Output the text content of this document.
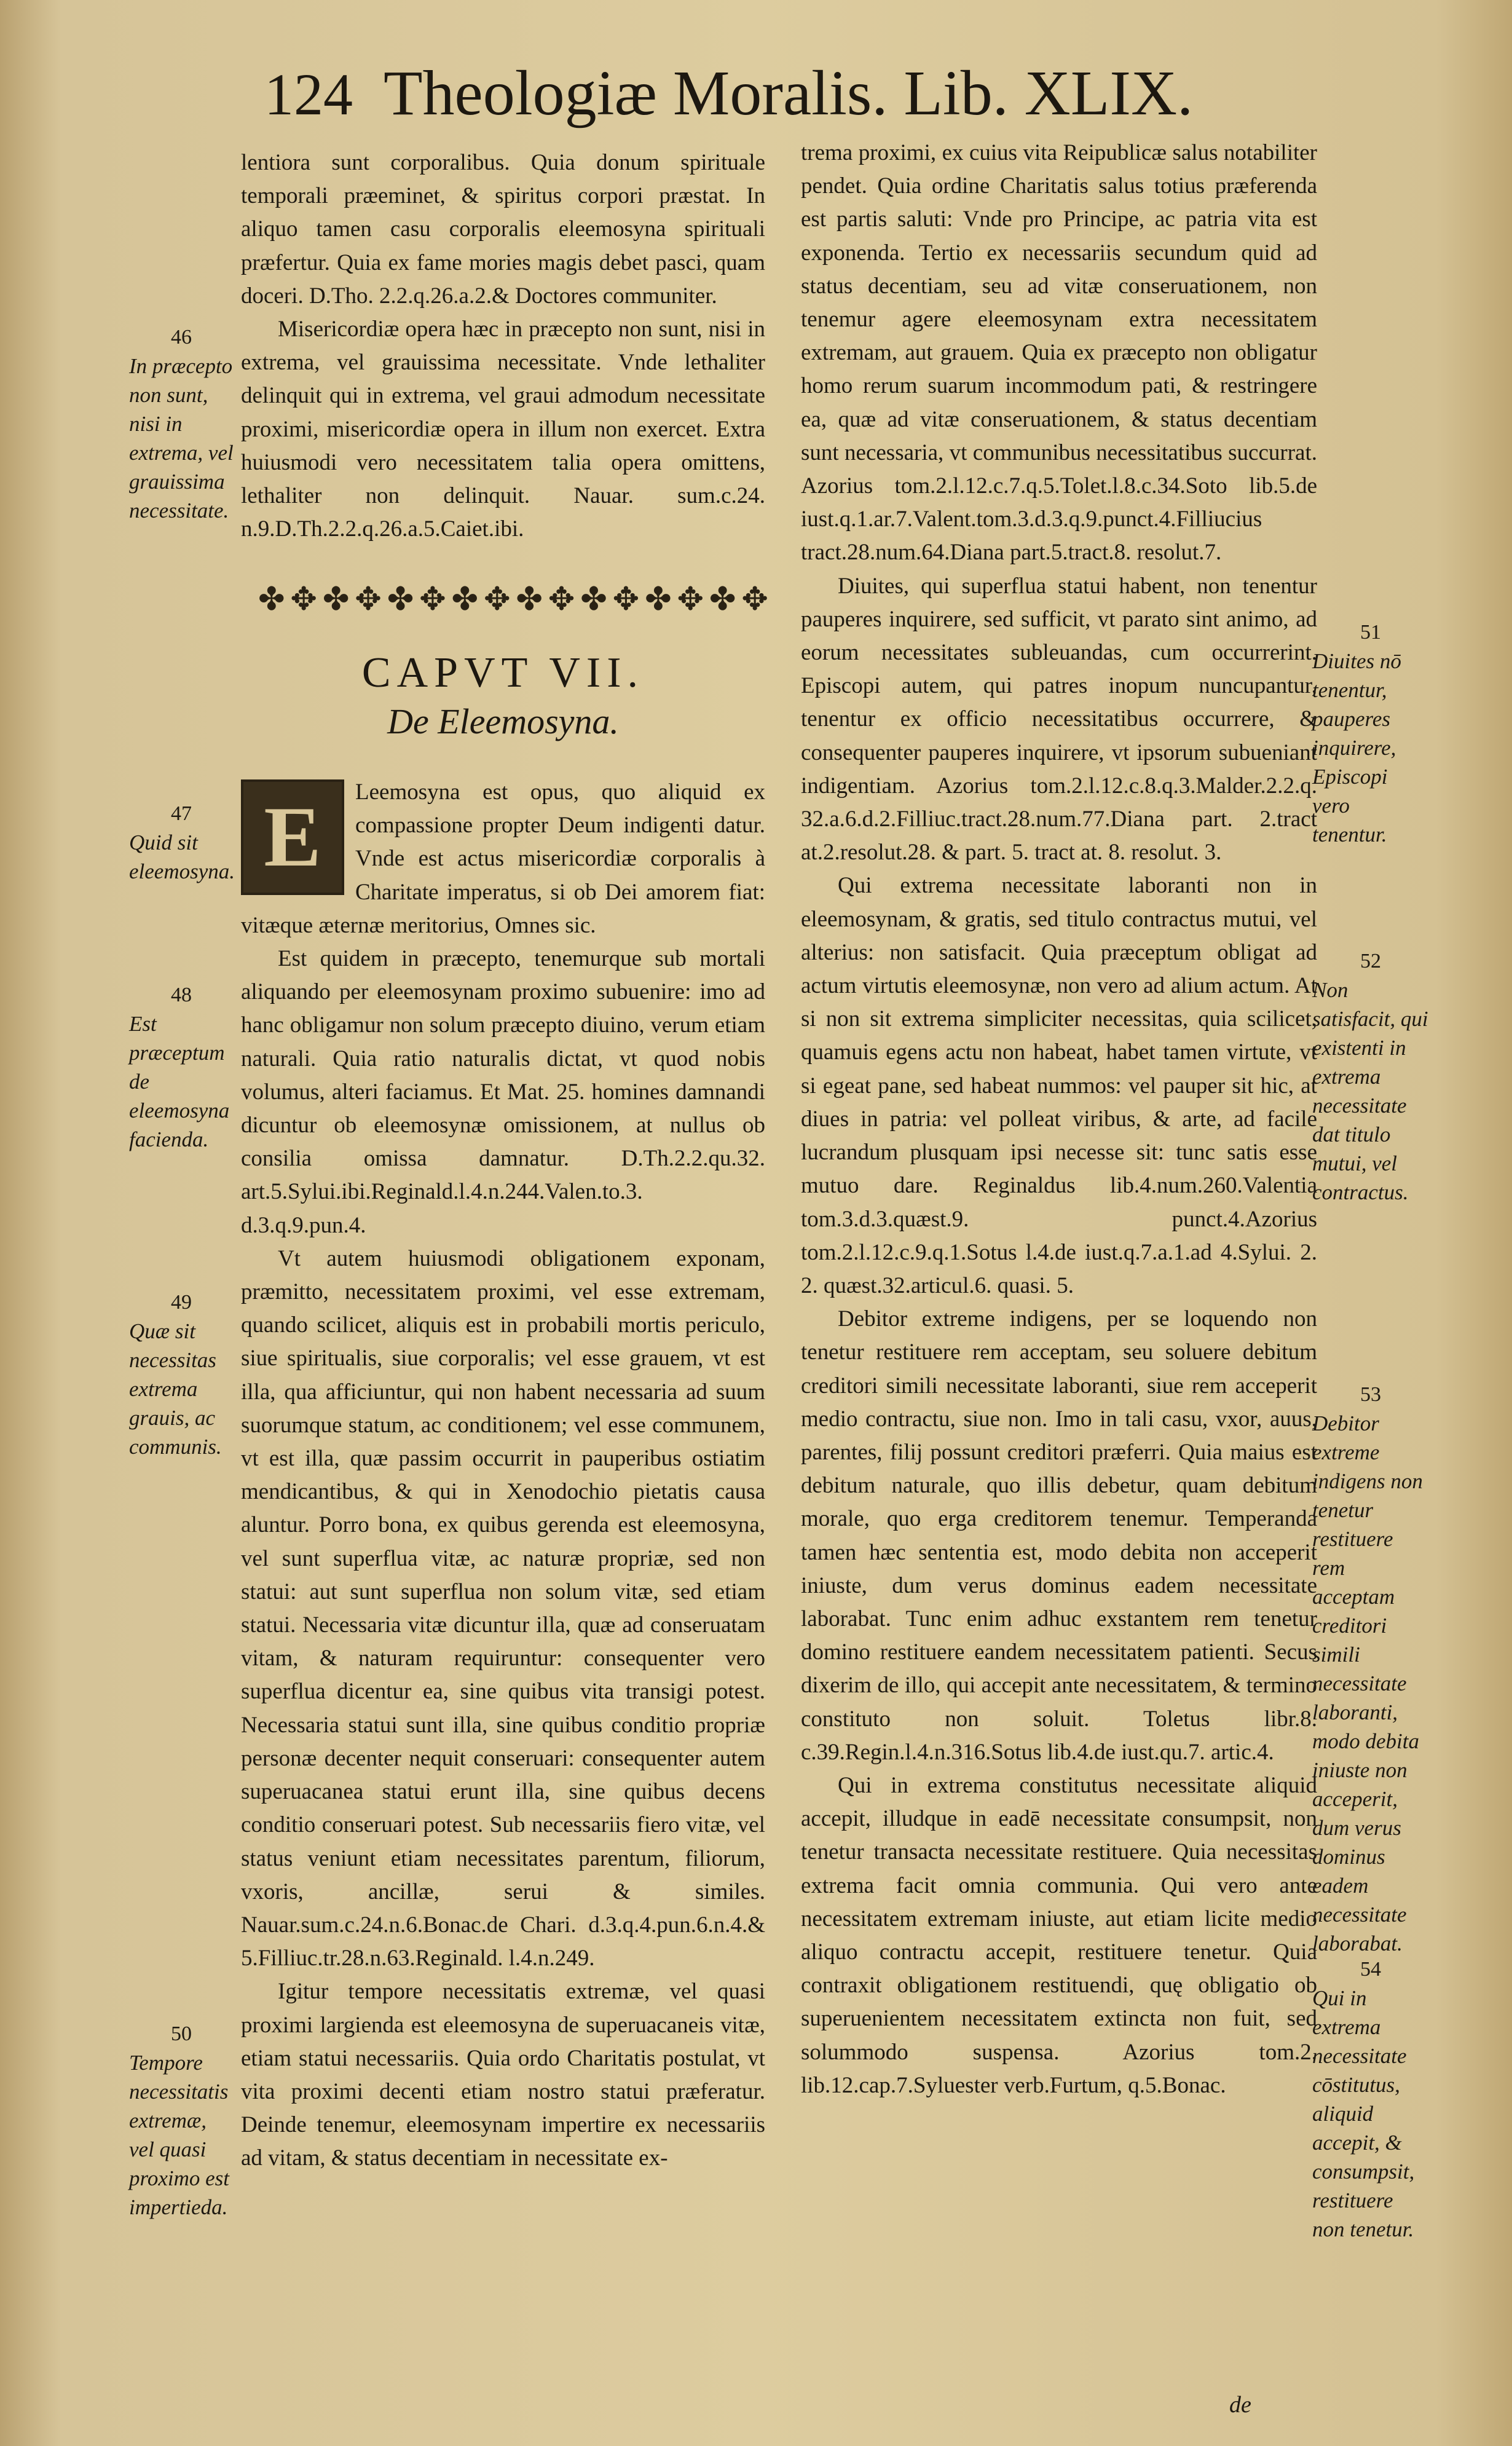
124 Theologiæ Moralis. Lib. XLIX.

lentiora sunt corporalibus. Quia donum spirituale temporali præeminet, & spiritus corpori præstat. In aliquo tamen casu corporalis eleemosyna spirituali præfertur. Quia ex fame mories magis debet pasci, quam doceri. D.Tho. 2.2.q.26.a.2.& Doctores communiter.

Misericordiæ opera hæc in præcepto non sunt, nisi in extrema, vel grauissima necessitate. Vnde lethaliter delinquit qui in extrema, vel graui admodum necessitate proximi, misericordiæ opera in illum non exercet. Extra huiusmodi vero necessitatem talia opera omittens, lethaliter non delinquit. Nauar. sum.c.24. n.9.D.Th.2.2.q.26.a.5.Caiet.ibi.

✤ ✥ ✤ ✥ ✤ ✥ ✤ ✥ ✤ ✥ ✤ ✥ ✤ ✥ ✤ ✥
CAPVT VII.
De Eleemosyna.
E	Leemosyna est opus, quo aliquid ex compassione propter Deum indigenti datur. Vnde est actus misericordiæ corporalis à Charitate imperatus, si ob Dei amorem fiat: vitæque æternæ meritorius, Omnes sic.

Est quidem in præcepto, tenemurque sub mortali aliquando per eleemosynam proximo subuenire: imo ad hanc obligamur non solum præcepto diuino, verum etiam naturali. Quia ratio naturalis dictat, vt quod nobis volumus, alteri faciamus. Et Mat. 25. homines damnandi dicuntur ob eleemosynæ omissionem, at nullus ob consilia omissa damnatur. D.Th.2.2.qu.32. art.5.Sylui.ibi.Reginald.l.4.n.244.Valen.to.3. d.3.q.9.pun.4.

Vt autem huiusmodi obligationem exponam, præmitto, necessitatem proximi, vel esse extremam, quando scilicet, aliquis est in probabili mortis periculo, siue spiritualis, siue corporalis; vel esse grauem, vt est illa, qua afficiuntur, qui non habent necessaria ad suum suorumque statum, ac conditionem; vel esse communem, vt est illa, quæ passim occurrit in pauperibus ostiatim mendicantibus, & qui in Xenodochio pietatis causa aluntur. Porro bona, ex quibus gerenda est eleemosyna, vel sunt superflua vitæ, ac naturæ propriæ, sed non statui: aut sunt superflua non solum vitæ, sed etiam statui. Necessaria vitæ dicuntur illa, quæ ad conseruatam vitam, & naturam requiruntur: consequenter vero superflua dicentur ea, sine quibus vita transigi potest. Necessaria statui sunt illa, sine quibus conditio propriæ personæ decenter nequit conseruari: consequenter autem superuacanea statui erunt illa, sine quibus decens conditio conseruari potest. Sub necessariis fiero vitæ, vel status veniunt etiam necessitates parentum, filiorum, vxoris, ancillæ, serui & similes. Nauar.sum.c.24.n.6.Bonac.de Chari. d.3.q.4.pun.6.n.4.& 5.Filliuc.tr.28.n.63.Reginald. l.4.n.249.

Igitur tempore necessitatis extremæ, vel quasi proximi largienda est eleemosyna de superuacaneis vitæ, etiam statui necessariis. Quia ordo Charitatis postulat, vt vita proximi decenti etiam nostro statui præferatur. Deinde tenemur, eleemosynam impertire ex necessariis ad vitam, & status decentiam in necessitate ex-

trema proximi, ex cuius vita Reipublicæ salus notabiliter pendet. Quia ordine Charitatis salus totius præferenda est partis saluti: Vnde pro Principe, ac patria vita est exponenda. Tertio ex necessariis secundum quid ad status decentiam, seu ad vitæ conseruationem, non tenemur agere eleemosynam extra necessitatem extremam, aut grauem. Quia ex præcepto non obligatur homo rerum suarum incommodum pati, & restringere ea, quæ ad vitæ conseruationem, & status decentiam sunt necessaria, vt communibus necessitatibus succurrat. Azorius tom.2.l.12.c.7.q.5.Tolet.l.8.c.34.Soto lib.5.de iust.q.1.ar.7.Valent.tom.3.d.3.q.9.punct.4.Filliucius tract.28.num.64.Diana part.5.tract.8. resolut.7.

Diuites, qui superflua statui habent, non tenentur pauperes inquirere, sed sufficit, vt parato sint animo, ad eorum necessitates subleuandas, cum occurrerint. Episcopi autem, qui patres inopum nuncupantur, tenentur ex officio necessitatibus occurrere, & consequenter pauperes inquirere, vt ipsorum subueniant indigentiam. Azorius tom.2.l.12.c.8.q.3.Malder.2.2.q. 32.a.6.d.2.Filliuc.tract.28.num.77.Diana part. 2.tract at.2.resolut.28. & part. 5. tract at. 8. resolut. 3.

Qui extrema necessitate laboranti non in eleemosynam, & gratis, sed titulo contractus mutui, vel alterius: non satisfacit. Quia præceptum obligat ad actum virtutis eleemosynæ, non vero ad alium actum. At si non sit extrema simpliciter necessitas, quia scilicet, quamuis egens actu non habeat, habet tamen virtute, vt si egeat pane, sed habeat nummos: vel pauper sit hic, at diues in patria: vel polleat viribus, & arte, ad facile lucrandum plusquam ipsi necesse sit: tunc satis esse mutuo dare. Reginaldus lib.4.num.260.Valentia tom.3.d.3.quæst.9. punct.4.Azorius tom.2.l.12.c.9.q.1.Sotus l.4.de iust.q.7.a.1.ad 4.Sylui. 2. 2. quæst.32.articul.6. quasi. 5.

Debitor extreme indigens, per se loquendo non tenetur restituere rem acceptam, seu soluere debitum creditori simili necessitate laboranti, siue rem acceperit medio contractu, siue non. Imo in tali casu, vxor, auus, parentes, filij possunt creditori præferri. Quia maius est debitum naturale, quo illis debetur, quam debitum morale, quo erga creditorem tenemur. Temperanda tamen hæc sententia est, modo debita non acceperit iniuste, dum verus dominus eadem necessitate laborabat. Tunc enim adhuc exstantem rem tenetur domino restituere eandem necessitatem patienti. Secus dixerim de illo, qui accepit ante necessitatem, & termino constituto non soluit. Toletus libr.8. c.39.Regin.l.4.n.316.Sotus lib.4.de iust.qu.7. artic.4.

Qui in extrema constitutus necessitate aliquid accepit, illudque in eadē necessitate consumpsit, non tenetur transacta necessitate restituere. Quia necessitas extrema facit omnia communia. Qui vero ante necessitatem extremam iniuste, aut etiam licite medio aliquo contractu accepit, restituere tenetur. Quia contraxit obligationem restituendi, quę obligatio ob superuenientem necessitatem extincta non fuit, sed solummodo suspensa. Azorius tom.2. lib.12.cap.7.Syluester verb.Furtum, q.5.Bonac.

46
In præcepto non sunt, nisi in extrema, vel grauissima necessitate.
47
Quid sit eleemosyna.
48
Est præceptum de eleemosyna facienda.
49
Quæ sit necessitas extrema grauis, ac communis.
50
Tempore necessitatis extremæ, vel quasi proximo est impertieda.
51
Diuites nō tenentur, pauperes inquirere, Episcopi vero tenentur.
52
Non satisfacit, qui existenti in extrema necessitate dat titulo mutui, vel contractus.
53
Debitor extreme indigens non tenetur restituere rem acceptam creditori simili necessitate laboranti, modo debita iniuste non acceperit, dum verus dominus eadem necessitate laborabat.
54
Qui in extrema necessitate cōstitutus, aliquid accepit, & consumpsit, restituere non tenetur.
de
